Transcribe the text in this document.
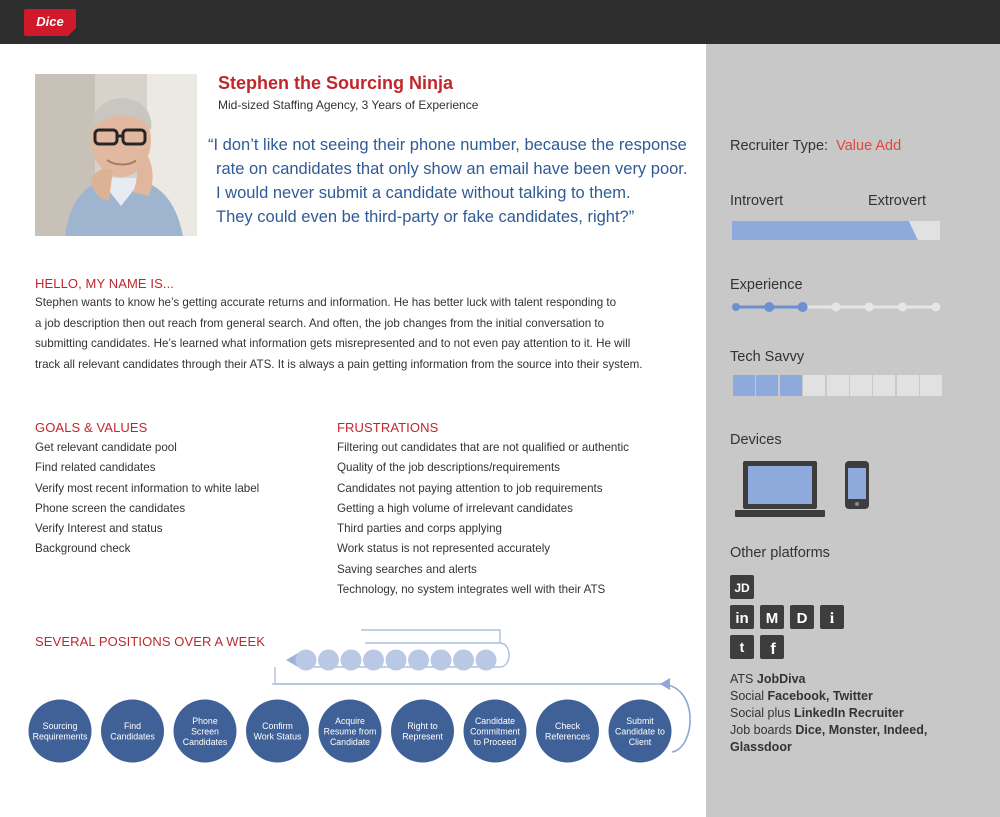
Dice
Stephen the Sourcing Ninja
Mid-sized Staffing Agency, 3 Years of Experience
“I don’t like not seeing their phone number, because the response
rate on candidates that only show an email have been very poor.
I would never submit a candidate without talking to them.
They could even be third-party or fake candidates, right?”
HELLO, MY NAME IS...
Stephen wants to know he’s getting accurate returns and information. He has better luck with talent responding to
a job description then out reach from general search. And often, the job changes from the initial conversation to
submitting candidates. He’s learned what information gets misrepresented and to not even pay attention to it. He will
track all relevant candidates through their ATS. It is always a pain getting information from the source into their system.
GOALS & VALUES
Get relevant candidate pool
Find related candidates
Verify most recent information to white label
Phone screen the candidates
Verify Interest and status
Background check
FRUSTRATIONS
Filtering out candidates that are not qualified or authentic
Quality of the job descriptions/requirements
Candidates not paying attention to job requirements
Getting a high volume of irrelevant candidates
Third parties and corps applying
Work status is not represented accurately
Saving searches and alerts
Technology, no system integrates well with their ATS
SEVERAL POSITIONS OVER A WEEK
Sourcing
Requirements
Find
Candidates
Phone
Screen
Candidates
Confirm
Work Status
Acquire
Resume from
Candidate
Right to
Represent
Candidate
Commitment
to Proceed
Check
References
Submit
Candidate to
Client
Recruiter Type: Value Add
Introvert	Extrovert
Experience
Tech Savvy
Devices
Other platforms
JD
in M D i
t f
ATS JobDiva
Social Facebook, Twitter
Social plus LinkedIn Recruiter
Job boards Dice, Monster, Indeed,
Glassdoor
